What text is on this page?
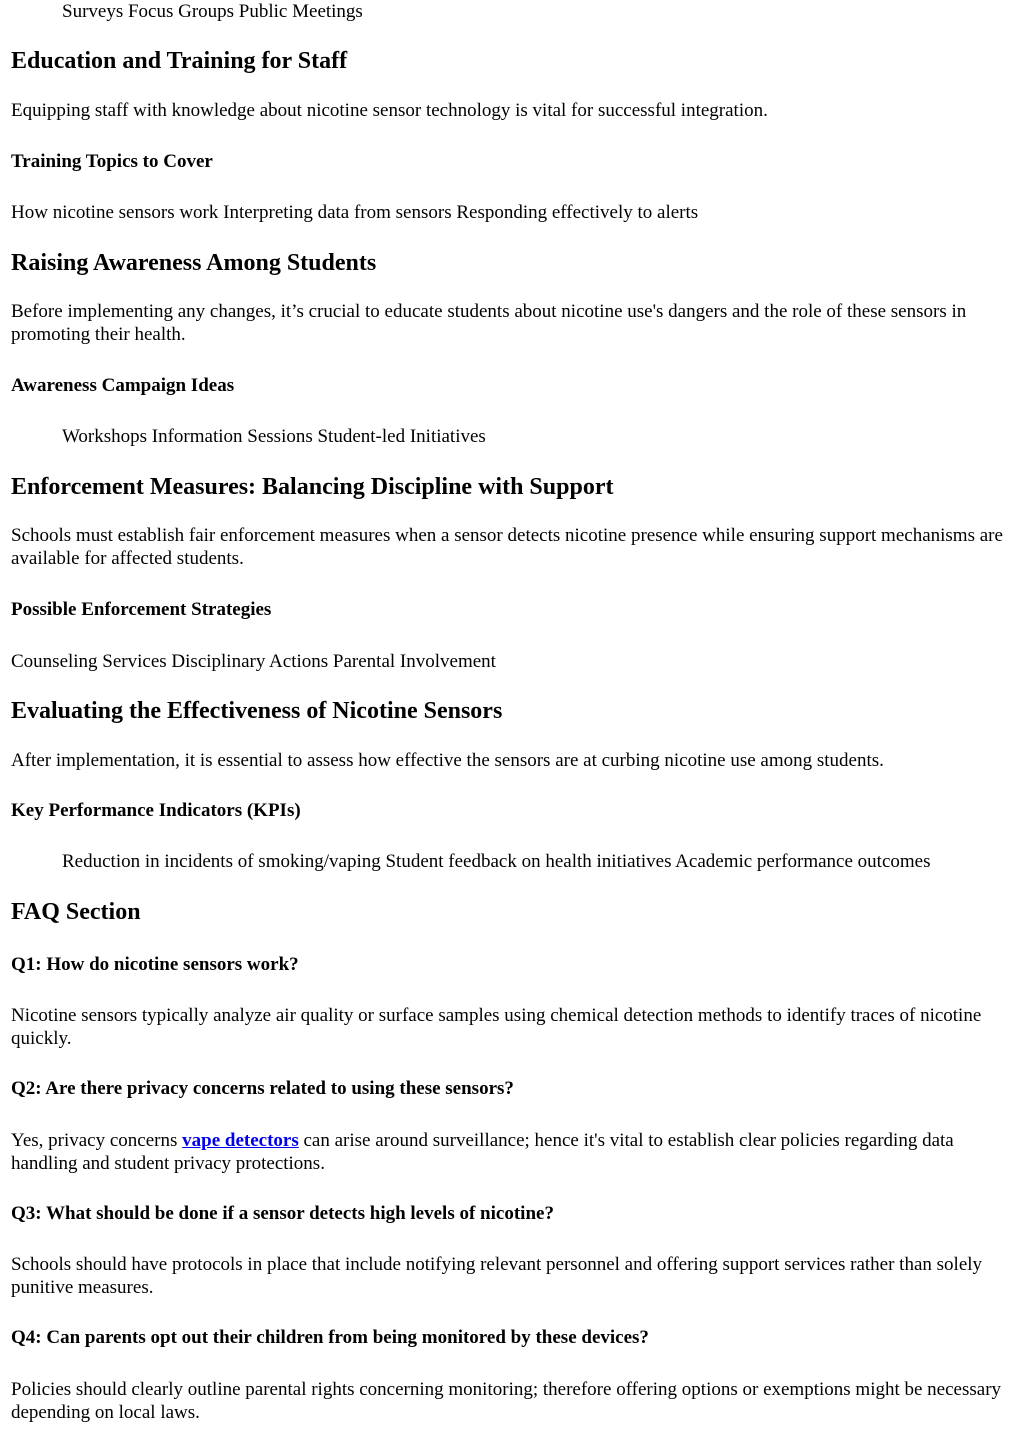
Surveys Focus Groups Public Meetings
Education and Training for Staff

Equipping staff with knowledge about nicotine sensor technology is vital for successful integration.

Training Topics to Cover

How nicotine sensors work Interpreting data from sensors Responding effectively to alerts

Raising Awareness Among Students

Before implementing any changes, it’s crucial to educate students about nicotine use's dangers and the role of these sensors in promoting their health.

Awareness Campaign Ideas
Workshops Information Sessions Student-led Initiatives
Enforcement Measures: Balancing Discipline with Support

Schools must establish fair enforcement measures when a sensor detects nicotine presence while ensuring support mechanisms are available for affected students.

Possible Enforcement Strategies

Counseling Services Disciplinary Actions Parental Involvement

Evaluating the Effectiveness of Nicotine Sensors

After implementation, it is essential to assess how effective the sensors are at curbing nicotine use among students.

Key Performance Indicators (KPIs)
Reduction in incidents of smoking/vaping Student feedback on health initiatives Academic performance outcomes
FAQ Section
Q1: How do nicotine sensors work?

Nicotine sensors typically analyze air quality or surface samples using chemical detection methods to identify traces of nicotine quickly.

Q2: Are there privacy concerns related to using these sensors?

Yes, privacy concerns vape detectors can arise around surveillance; hence it's vital to establish clear policies regarding data handling and student privacy protections.

Q3: What should be done if a sensor detects high levels of nicotine?

Schools should have protocols in place that include notifying relevant personnel and offering support services rather than solely punitive measures.

Q4: Can parents opt out their children from being monitored by these devices?

Policies should clearly outline parental rights concerning monitoring; therefore offering options or exemptions might be necessary depending on local laws.
